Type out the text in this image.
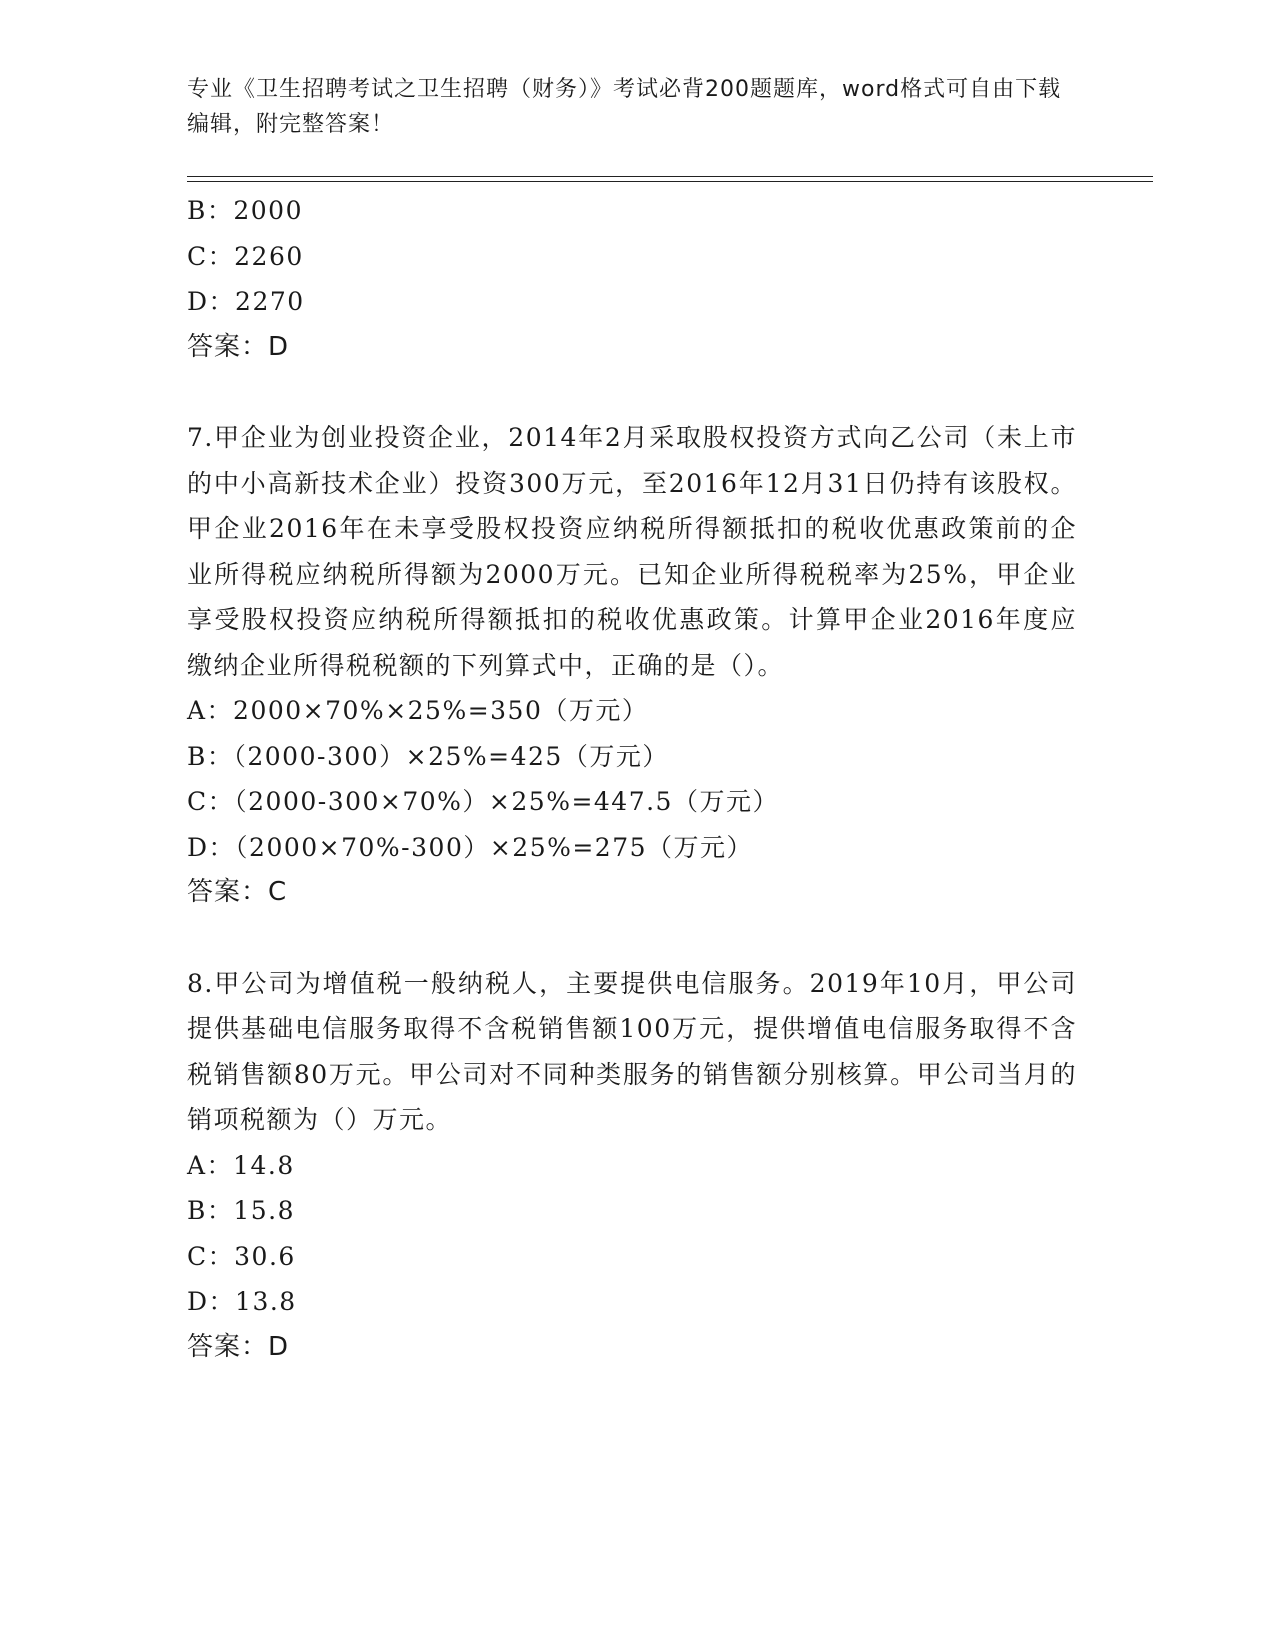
专业《卫生招聘考试之卫生招聘（财务）》考试必背200题题库，word格式可自由下载编辑，附完整答案！

B：2000

C：2260

D：2270

答案：D

7.甲企业为创业投资企业，2014年2月采取股权投资方式向乙公司（未上市的中小高新技术企业）投资300万元，至2016年12月31日仍持有该股权。甲企业2016年在未享受股权投资应纳税所得额抵扣的税收优惠政策前的企业所得税应纳税所得额为2000万元。已知企业所得税税率为25%，甲企业享受股权投资应纳税所得额抵扣的税收优惠政策。计算甲企业2016年度应缴纳企业所得税税额的下列算式中，正确的是（）。

A：2000×70%×25%=350（万元）

B：（2000-300）×25%=425（万元）

C：（2000-300×70%）×25%=447.5（万元）

D：（2000×70%-300）×25%=275（万元）

答案：C

8.甲公司为增值税一般纳税人，主要提供电信服务。2019年10月，甲公司提供基础电信服务取得不含税销售额100万元，提供增值电信服务取得不含税销售额80万元。甲公司对不同种类服务的销售额分别核算。甲公司当月的销项税额为（）万元。

A：14.8

B：15.8

C：30.6

D：13.8

答案：D
